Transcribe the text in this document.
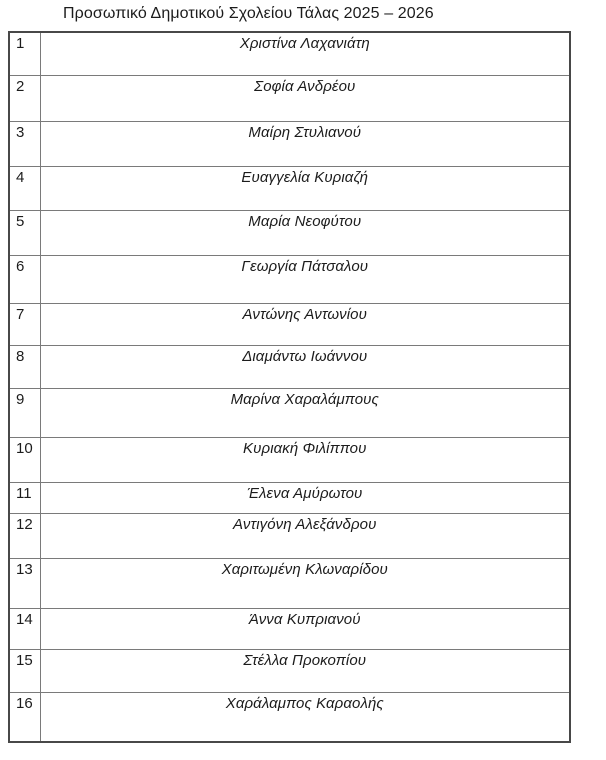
Προσωπικό Δημοτικού Σχολείου Τάλας 2025 – 2026
1	Χριστίνα Λαχανιάτη
2	Σοφία Ανδρέου
3	Μαίρη Στυλιανού
4	Ευαγγελία Κυριαζή
5	Μαρία Νεοφύτου
6	Γεωργία Πάτσαλου
7	Αντώνης Αντωνίου
8	Διαμάντω Ιωάννου
9	Μαρίνα Χαραλάμπους
10	Κυριακή Φιλίππου
11	Έλενα Αμύρωτου
12	Αντιγόνη Αλεξάνδρου
13	Χαριτωμένη Κλωναρίδου
14	Άννα Κυπριανού
15	Στέλλα Προκοπίου
16	Χαράλαμπος Καραολής
